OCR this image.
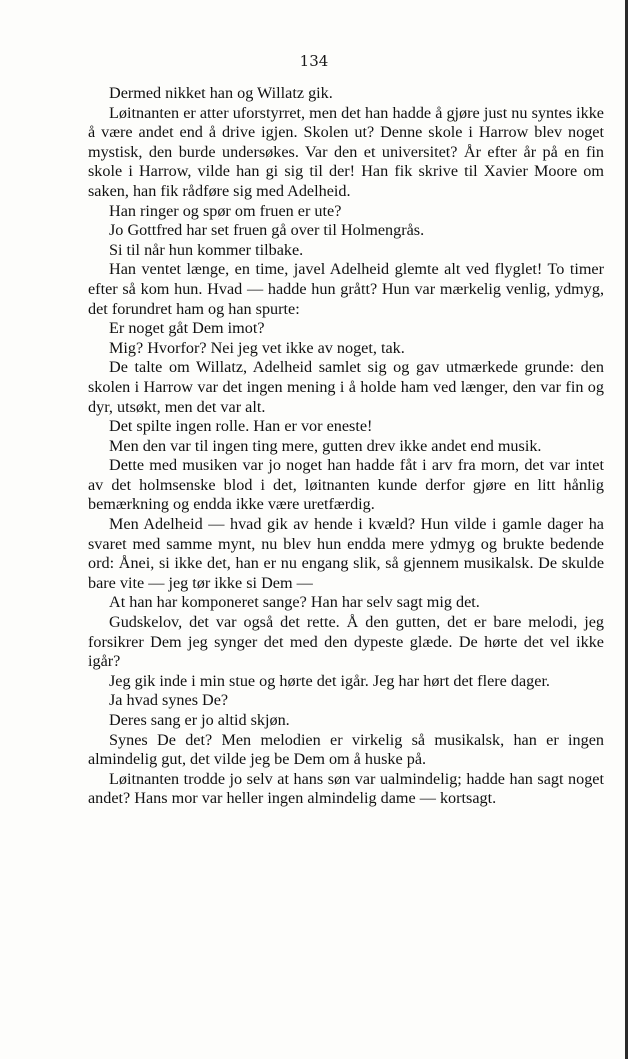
134

Dermed nikket han og Willatz gik.

Løitnanten er atter uforstyrret, men det han hadde å gjøre just nu syntes ikke å være andet end å drive igjen. Skolen ut? Denne skole i Harrow blev noget mystisk, den burde undersøkes. Var den et universitet? År efter år på en fin skole i Harrow, vilde han gi sig til der! Han fik skrive til Xavier Moore om saken, han fik rådføre sig med Adelheid.

Han ringer og spør om fruen er ute?

Jo Gottfred har set fruen gå over til Holmengrås.

Si til når hun kommer tilbake.

Han ventet længe, en time, javel Adelheid glemte alt ved flyglet! To timer efter så kom hun. Hvad — hadde hun grått? Hun var mærkelig venlig, ydmyg, det forundret ham og han spurte:

Er noget gåt Dem imot?

Mig? Hvorfor? Nei jeg vet ikke av noget, tak.

De talte om Willatz, Adelheid samlet sig og gav utmærkede grunde: den skolen i Harrow var det ingen mening i å holde ham ved længer, den var fin og dyr, utsøkt, men det var alt.

Det spilte ingen rolle. Han er vor eneste!

Men den var til ingen ting mere, gutten drev ikke andet end musik.

Dette med musiken var jo noget han hadde fåt i arv fra morn, det var intet av det holmsenske blod i det, løitnanten kunde derfor gjøre en litt hånlig bemærkning og endda ikke være uretfærdig.

Men Adelheid — hvad gik av hende i kvæld? Hun vilde i gamle dager ha svaret med samme mynt, nu blev hun endda mere ydmyg og brukte bedende ord: Ånei, si ikke det, han er nu engang slik, så gjennem musikalsk. De skulde bare vite — jeg tør ikke si Dem —

At han har komponeret sange? Han har selv sagt mig det.

Gudskelov, det var også det rette. Å den gutten, det er bare melodi, jeg forsikrer Dem jeg synger det med den dypeste glæde. De hørte det vel ikke igår?

Jeg gik inde i min stue og hørte det igår. Jeg har hørt det flere dager.

Ja hvad synes De?

Deres sang er jo altid skjøn.

Synes De det? Men melodien er virkelig så musikalsk, han er ingen almindelig gut, det vilde jeg be Dem om å huske på.

Løitnanten trodde jo selv at hans søn var ualmindelig; hadde han sagt noget andet? Hans mor var heller ingen almindelig dame — kortsagt.
